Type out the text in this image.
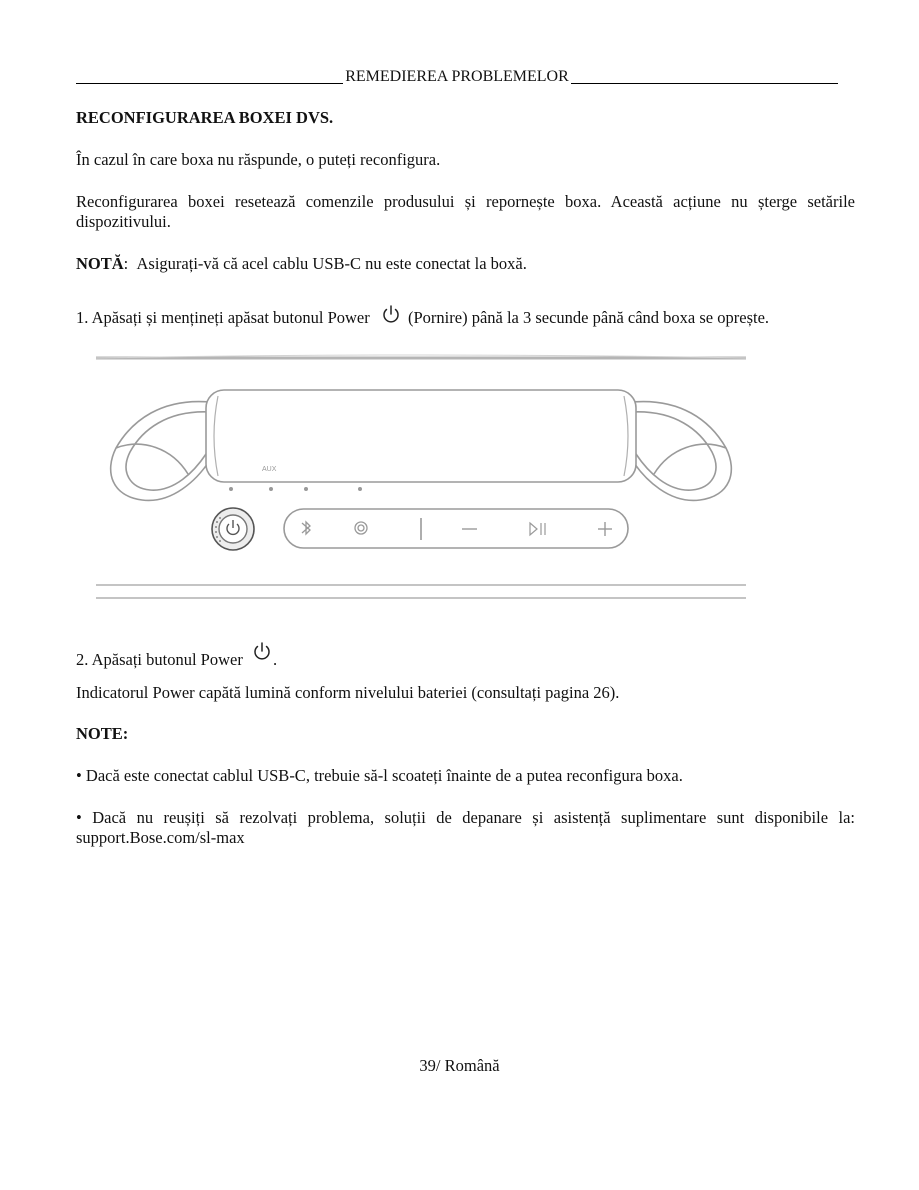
REMEDIEREA PROBLEMELOR
RECONFIGURAREA BOXEI DVS.
În cazul în care boxa nu răspunde, o puteți reconfigura.
Reconfigurarea boxei resetează comenzile produsului și repornește boxa. Această acțiune nu șterge setările dispozitivului.
NOTĂ: Asigurați-vă că acel cablu USB-C nu este conectat la boxă.
1. Apăsați și mențineți apăsat butonul Power (Pornire) până la 3 secunde până când boxa se oprește.
AUX
2. Apăsați butonul Power .
Indicatorul Power capătă lumină conform nivelului bateriei (consultați pagina 26).
NOTE:
• Dacă este conectat cablul USB-C, trebuie să-l scoateți înainte de a putea reconfigura boxa.
• Dacă nu reușiți să rezolvați problema, soluții de depanare și asistență suplimentare sunt disponibile la: support.Bose.com/sl-max
39/ Română
